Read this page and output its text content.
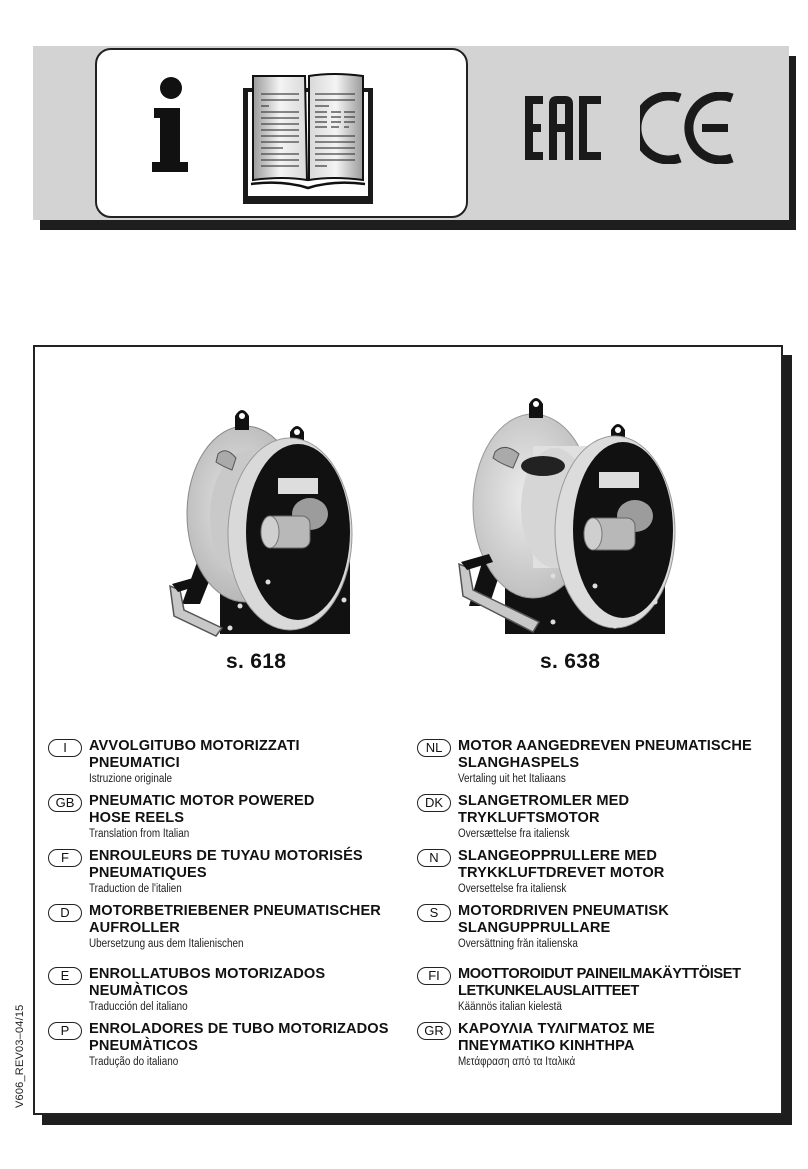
s. 618	s. 638
I	AVVOLGITUBO MOTORIZZATI
PNEUMATICI
Istruzione originale
GB	PNEUMATIC MOTOR POWERED
HOSE REELS
Translation from Italian
F	ENROULEURS DE TUYAU MOTORISÉS
PNEUMATIQUES
Traduction de l'italien
D	MOTORBETRIEBENER PNEUMATISCHER
AUFROLLER
Übersetzung aus dem Italienischen
E	ENROLLATUBOS MOTORIZADOS
NEUMÀTICOS
Traducción del italiano
P	ENROLADORES DE TUBO MOTORIZADOS
PNEUMÀTICOS
Tradução do italiano
NL	MOTOR AANGEDREVEN PNEUMATISCHE
SLANGHASPELS
Vertaling uit het Italiaans
DK	SLANGETROMLER MED
TRYKLUFTSMOTOR
Oversættelse fra italiensk
N	SLANGEOPPRULLERE MED
TRYKKLUFTDREVET MOTOR
Oversettelse fra italiensk
S	MOTORDRIVEN PNEUMATISK
SLANGUPPRULLARE
Översättning från italienska
FI	MOOTTOROIDUT PAINEILMAKÄYTTÖISET
LETKUNKELAUSLAITTEET
Käännös italian kielestä
GR ΚΑΡΟΥΛΙΑ ΤΥΛΙΓΜΑΤΟΣ ΜΕ
ΠΝΕΥΜΑΤΙΚΟ ΚΙΝΗΤΗΡΑ
Μετάφραση από τα Ιταλικά
V606_REV03–04/15
